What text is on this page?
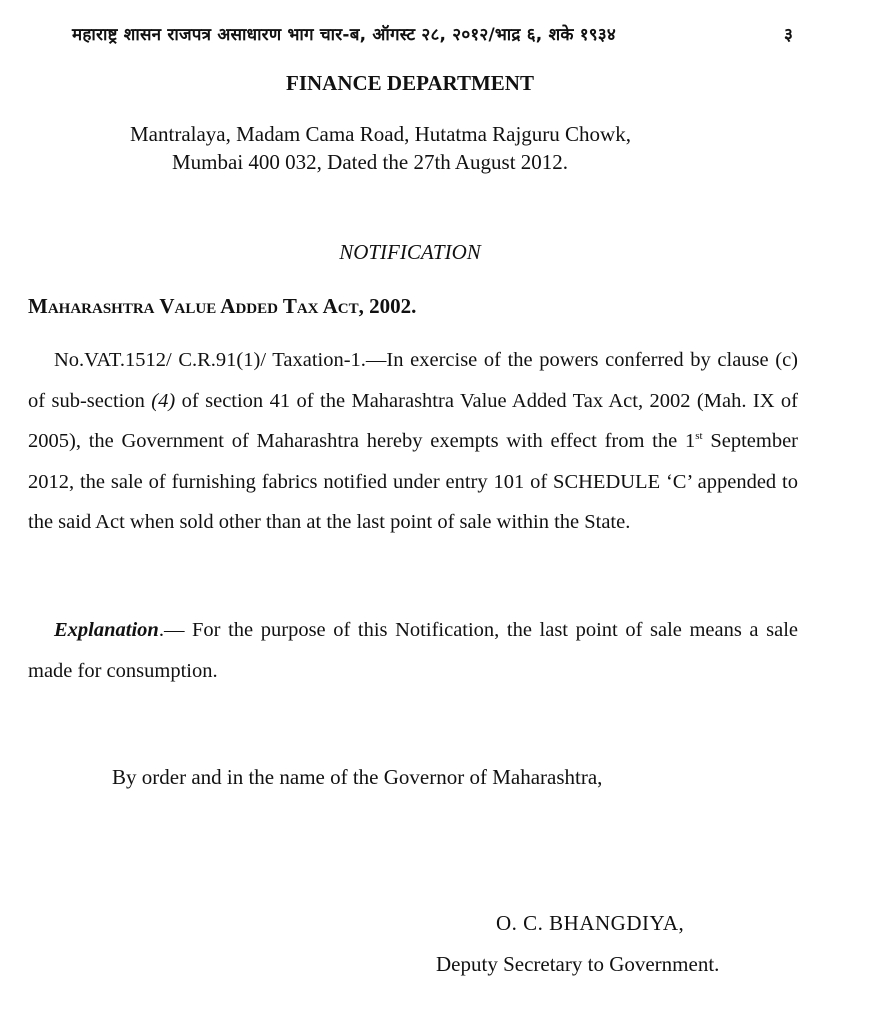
महाराष्ट्र शासन राजपत्र असाधारण भाग चार-ब, ऑगस्ट २८, २०१२/भाद्र ६, शके १९३४	३
FINANCE DEPARTMENT
Mantralaya, Madam Cama Road, Hutatma Rajguru Chowk,
Mumbai 400 032, Dated the 27th August 2012.
NOTIFICATION
Maharashtra Value Added Tax Act, 2002.

No.VAT.1512/ C.R.91(1)/ Taxation-1.—In exercise of the powers conferred by clause (c) of sub-section (4) of section 41 of the Maharashtra Value Added Tax Act, 2002 (Mah. IX of 2005), the Government of Maharashtra hereby exempts with effect from the 1st September 2012, the sale of furnishing fabrics notified under entry 101 of SCHEDULE ‘C’ appended to the said Act when sold other than at the last point of sale within the State.

Explanation.— For the purpose of this Notification, the last point of sale means a sale made for consumption.

By order and in the name of the Governor of Maharashtra,
O. C. BHANGDIYA,
Deputy Secretary to Government.
